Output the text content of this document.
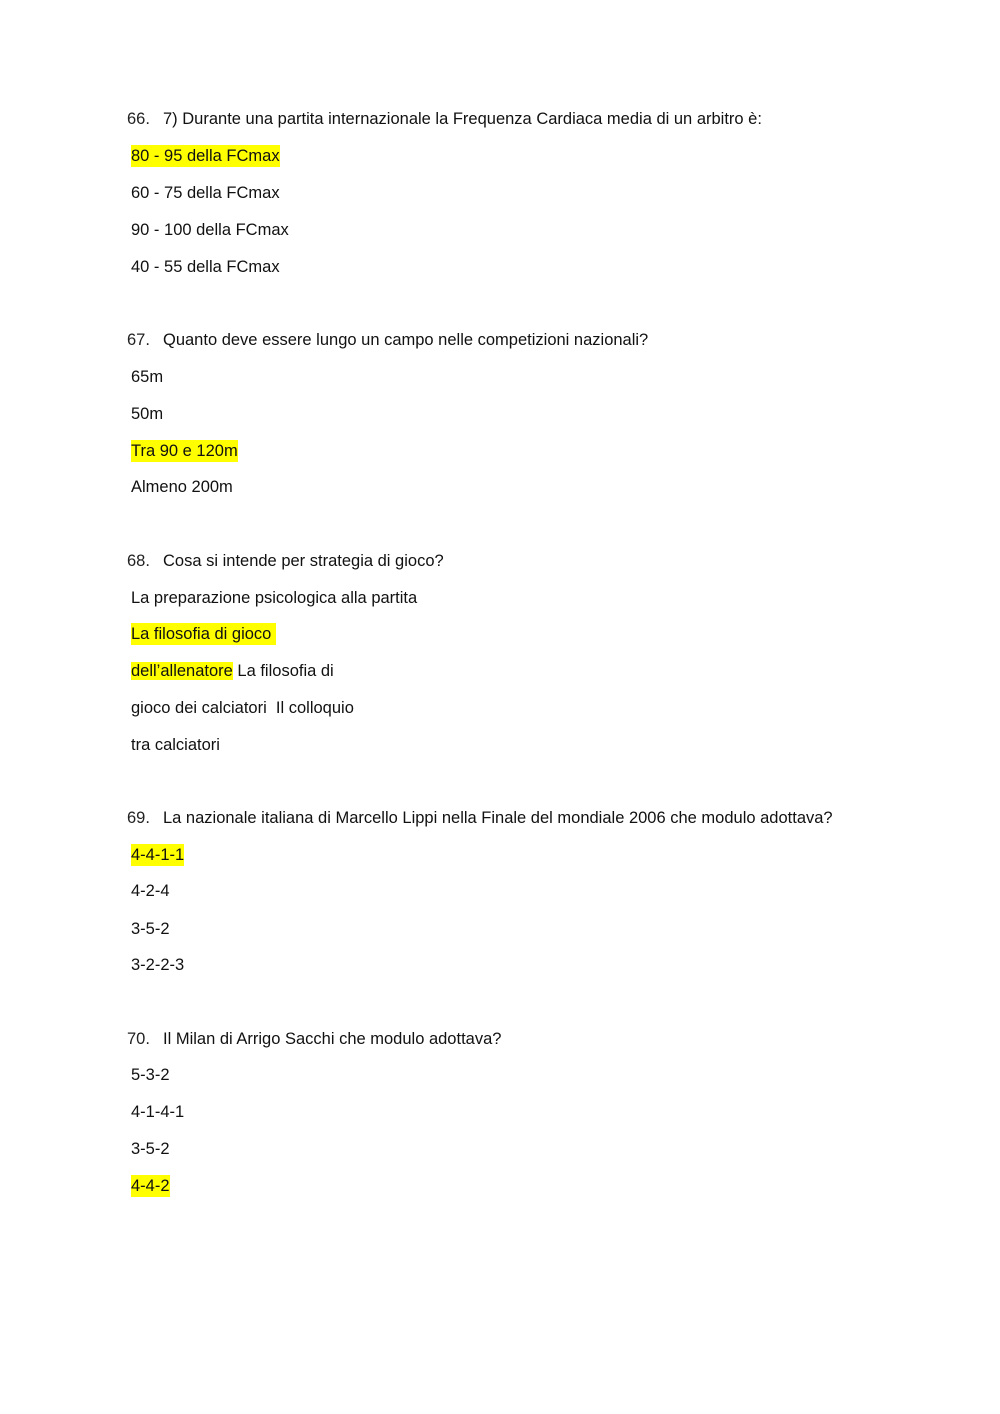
66. 7) Durante una partita internazionale la Frequenza Cardiaca media di un arbitro è:
80 - 95 della FCmax
60 - 75 della FCmax
90 - 100 della FCmax
40 - 55 della FCmax
67. Quanto deve essere lungo un campo nelle competizioni nazionali?
65m
50m
Tra 90 e 120m
Almeno 200m
68. Cosa si intende per strategia di gioco?
La preparazione psicologica alla partita
La filosofia di gioco
dell’allenatore La filosofia di
gioco dei calciatori  Il colloquio
tra calciatori
69. La nazionale italiana di Marcello Lippi nella Finale del mondiale 2006 che modulo adottava?
4-4-1-1
4-2-4
3-5-2
3-2-2-3
70. Il Milan di Arrigo Sacchi che modulo adottava?
5-3-2
4-1-4-1
3-5-2
4-4-2
